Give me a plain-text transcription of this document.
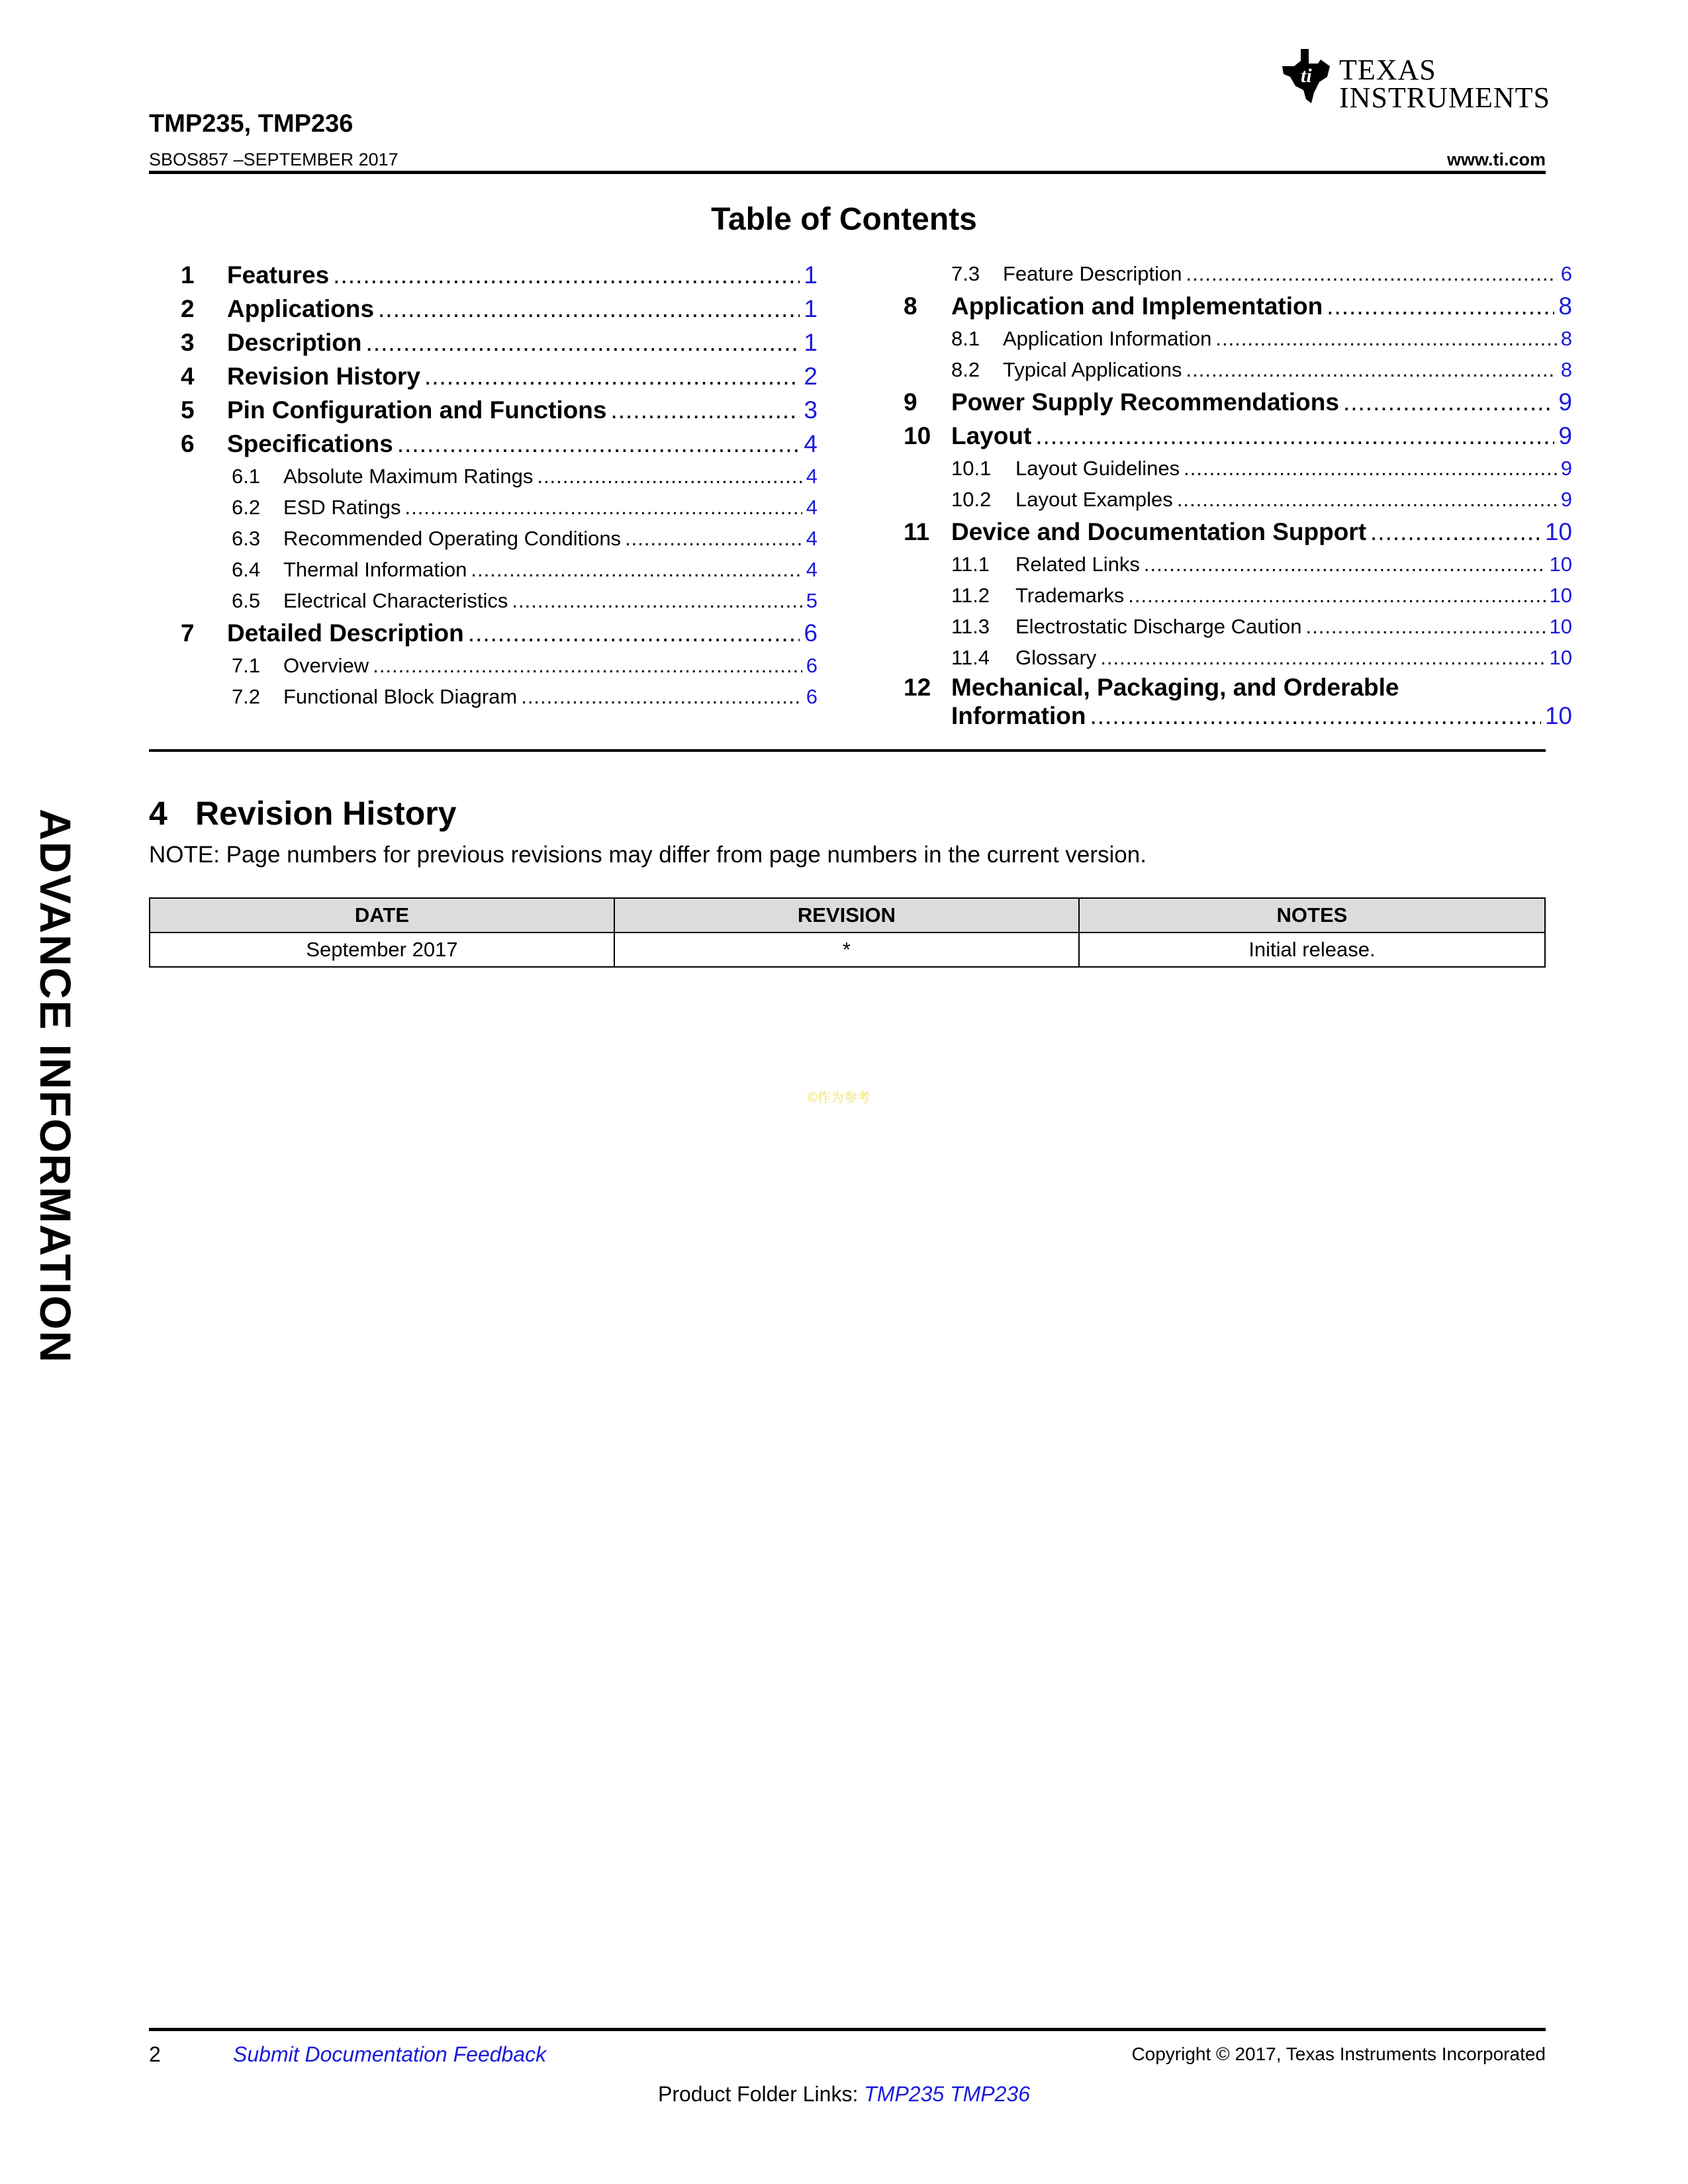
ti TEXAS
INSTRUMENTS
TMP235, TMP236
SBOS857 –SEPTEMBER 2017	www.ti.com
Table of Contents
1	Features .....	1
2	Applications .....	1
3	Description .....	1
4	Revision History .....	2
5	Pin Configuration and Functions .....	3
6	Specifications .....	4
6.1	Absolute Maximum Ratings .....	4
6.2	ESD Ratings .....	4
6.3	Recommended Operating Conditions .....	4
6.4	Thermal Information .....	4
6.5	Electrical Characteristics .....	5
7	Detailed Description .....	6
7.1	Overview .....	6
7.2	Functional Block Diagram .....	6
7.3	Feature Description .....	6
8	Application and Implementation .....	8
8.1	Application Information .....	8
8.2	Typical Applications .....	8
9	Power Supply Recommendations .....	9
10 Layout .....	9
10.1	Layout Guidelines .....	9
10.2	Layout Examples .....	9
11 Device and Documentation Support .....	10
11.1	Related Links .....	10
11.2	Trademarks .....	10
11.3	Electrostatic Discharge Caution .....	10
11.4	Glossary .....	10
12 Mechanical, Packaging, and Orderable
Information .....	10
4 Revision History
NOTE: Page numbers for previous revisions may differ from page numbers in the current version.
DATE	REVISION	NOTES
September 2017	*	Initial release.
©作为参考
ADVANCE INFORMATION
2	Submit Documentation Feedback	Copyright © 2017, Texas Instruments Incorporated
Product Folder Links: TMP235 TMP236
